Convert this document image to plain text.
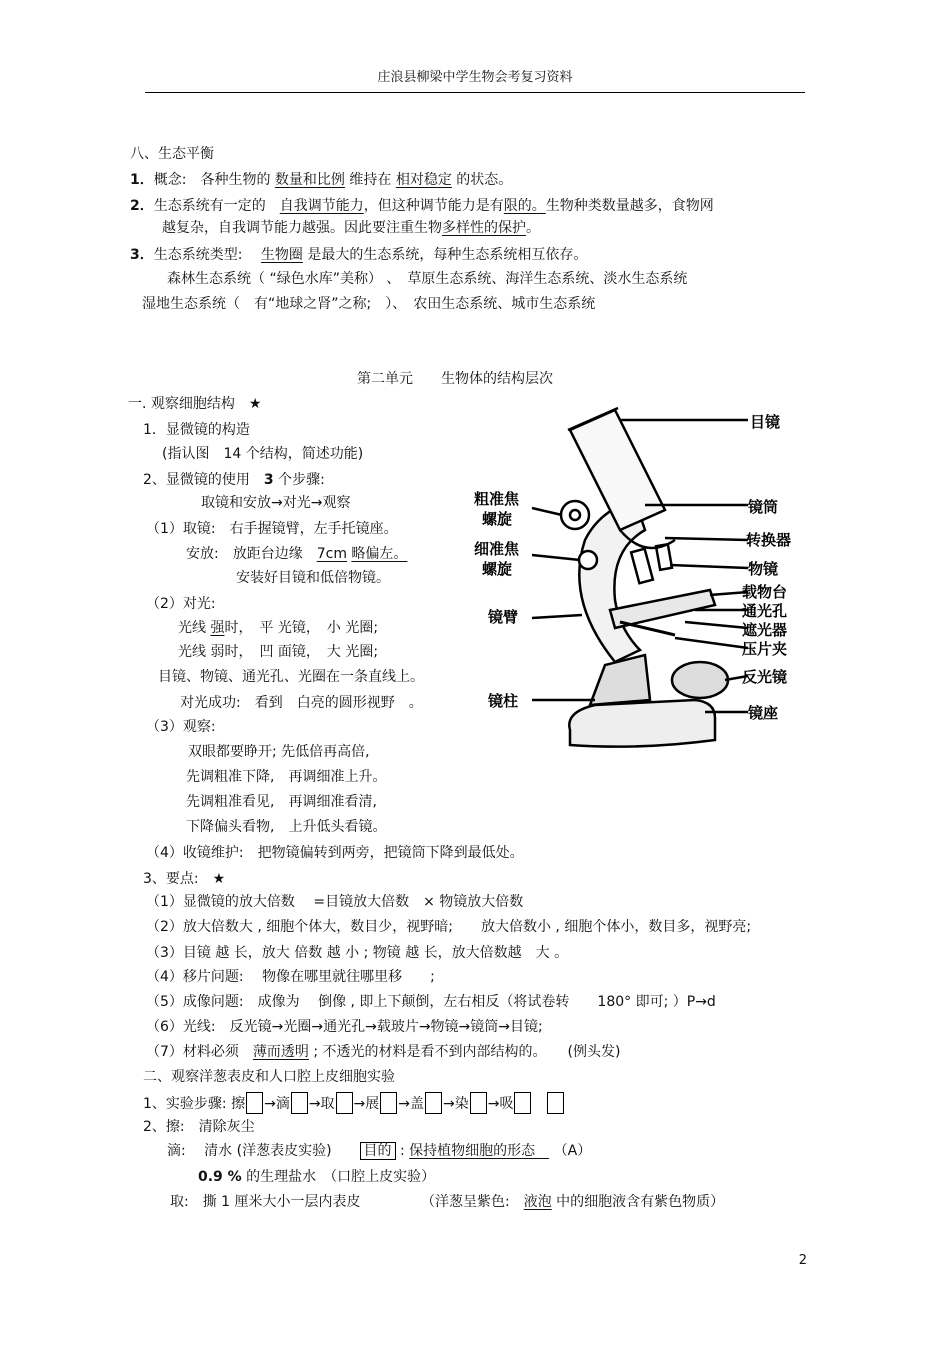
庄浪县柳梁中学生物会考复习资料
八、生态平衡
1．概念:　各种生物的 数量和比例 维持在 相对稳定 的状态。
2．生态系统有一定的　自我调节能力，但这种调节能力是有限的。生物种类数量越多，食物网
越复杂，自我调节能力越强。因此要注重生物多样性的保护。
3．生态系统类型:　 生物圈 是最大的生态系统，每种生态系统相互依存。
森林生态系统（ “绿色水库”美称） 、　草原生态系统、海洋生态系统、淡水生态系统
湿地生态系统（　有“地球之肾”之称;　）、　农田生态系统、城市生态系统
第二单元　　生物体的结构层次
一. 观察细胞结构　★
1．显微镜的构造
(指认图　14 个结构，简述功能)
2、显微镜的使用　3 个步骤:
取镜和安放→对光→观察
（1）取镜:　右手握镜臂，左手托镜座。
安放:　放距台边缘　7cm 略偏左。
安装好目镜和低倍物镜。
（2）对光:
光线 强时，　平 光镜，　小 光圈;
光线 弱时，　凹 面镜，　大 光圈;
目镜、物镜、通光孔、光圈在一条直线上。
对光成功:　看到　白亮的圆形视野　。
（3）观察:
双眼都要睁开; 先低倍再高倍,
先调粗准下降,　再调细准上升。
先调粗准看见,　再调细准看清,
下降偏头看物,　上升低头看镜。
（4）收镜维护:　把物镜偏转到两旁，把镜筒下降到最低处。
3、要点:　★
（1）显微镜的放大倍数　 =目镜放大倍数　× 物镜放大倍数
（2）放大倍数大 , 细胞个体大，数目少，视野暗;　　放大倍数小 , 细胞个体小，数目多，视野亮;
（3）目镜 越 长，放大 倍数 越 小 ; 物镜 越 长，放大倍数越　大 。
（4）移片问题:　 物像在哪里就往哪里移　　;
（5）成像问题:　成像为　 倒像 , 即上下颠倒，左右相反（将试卷转　　180° 即可; ）P→d
（6）光线:　反光镜→光圈→通光孔→载玻片→物镜→镜筒→目镜;
（7）材料必须　薄而透明 ; 不透光的材料是看不到内部结构的。　　(例头发)
二、观察洋葱表皮和人口腔上皮细胞实验
1、实验步骤: 擦 →滴 →取 →展 →盖 →染 →吸　
2、擦:　清除灰尘
滴:　 清水 (洋葱表皮实验)　　目的 : 保持植物细胞的形态　 （A）
0.9 % 的生理盐水　（口腔上皮实验）
取:　撕 1 厘米大小一层内表皮　　　　 （洋葱呈紫色:　液泡 中的细胞液含有紫色物质）
2
粗准焦
螺旋
细准焦
螺旋
镜臂
镜柱
目镜
镜筒
转换器
物镜
载物台
通光孔
遮光器
压片夹
反光镜
镜座
